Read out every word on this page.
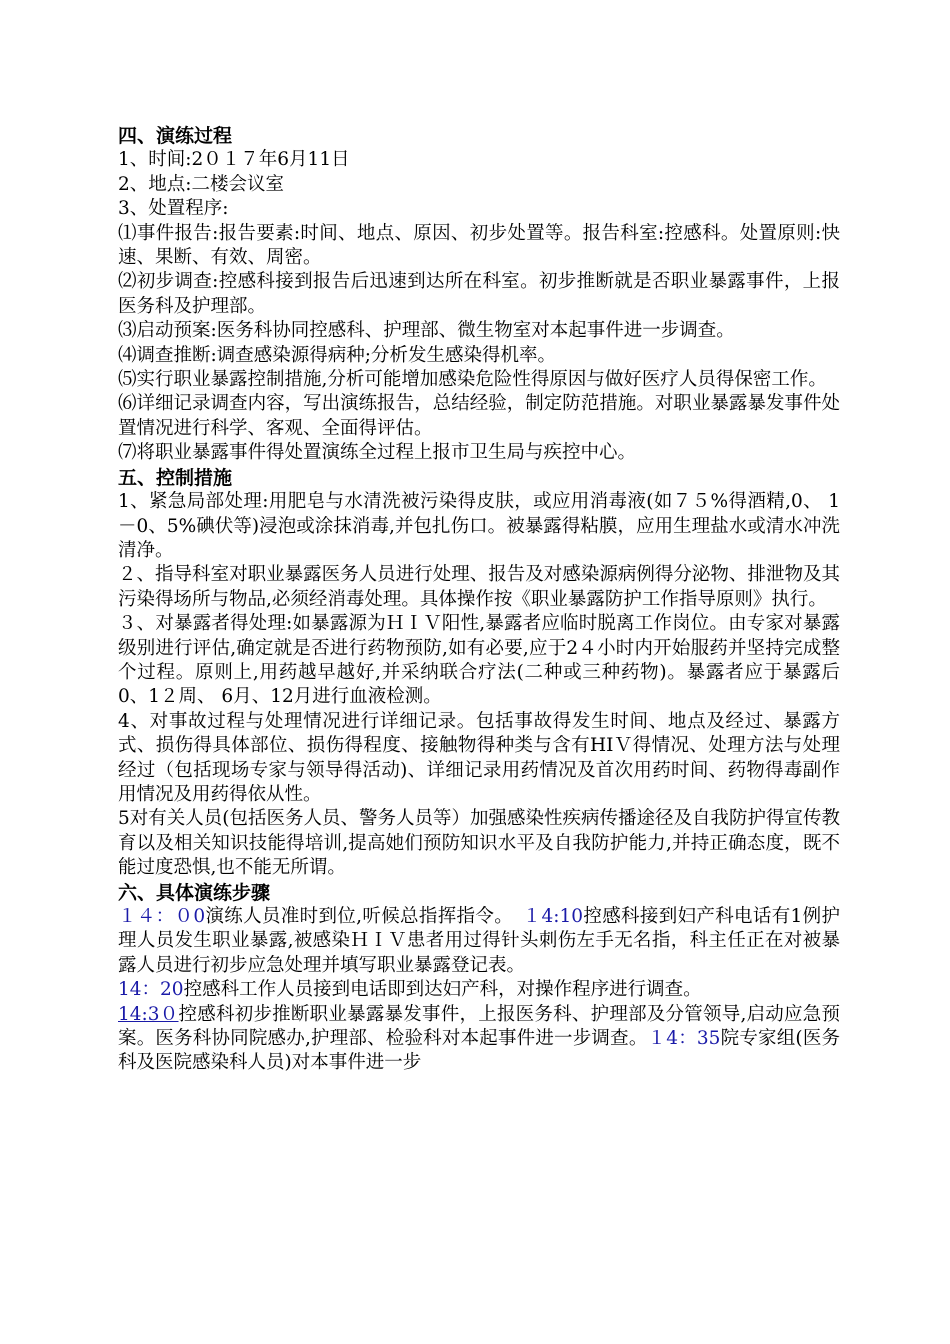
四、演练过程

1、时间:2０１７年6月11日

2、地点:二楼会议室

3、处置程序:

⑴事件报告:报告要素:时间、地点、原因、初步处置等。报告科室:控感科。处置原则:快速、果断、有效、周密。

⑵初步调查:控感科接到报告后迅速到达所在科室。初步推断就是否职业暴露事件，上报医务科及护理部。

⑶启动预案:医务科协同控感科、护理部、微生物室对本起事件进一步调查。

⑷调查推断:调查感染源得病种;分析发生感染得机率。

⑸实行职业暴露控制措施,分析可能增加感染危险性得原因与做好医疗人员得保密工作。

⑹详细记录调查内容，写出演练报告，总结经验，制定防范措施。对职业暴露暴发事件处置情况进行科学、客观、全面得评估。

⑺将职业暴露事件得处置演练全过程上报市卫生局与疾控中心。

五、控制措施

1、紧急局部处理:用肥皂与水清洗被污染得皮肤，或应用消毒液(如７５%得酒精,0、 1－0、5%碘伏等)浸泡或涂抹消毒,并包扎伤口。被暴露得粘膜，应用生理盐水或清水冲洗清净。

２、指导科室对职业暴露医务人员进行处理、报告及对感染源病例得分泌物、排泄物及其污染得场所与物品,必须经消毒处理。具体操作按《职业暴露防护工作指导原则》执行。

３、对暴露者得处理:如暴露源为ＨＩＶ阳性,暴露者应临时脱离工作岗位。由专家对暴露级别进行评估,确定就是否进行药物预防,如有必要,应于2４小时内开始服药并坚持完成整个过程。原则上,用药越早越好,并采纳联合疗法(二种或三种药物)。暴露者应于暴露后0、1２周、 6月、12月进行血液检测。

4、对事故过程与处理情况进行详细记录。包括事故得发生时间、地点及经过、暴露方式、损伤得具体部位、损伤得程度、接触物得种类与含有HIＶ得情况、处理方法与处理经过（包括现场专家与领导得活动)、详细记录用药情况及首次用药时间、药物得毒副作用情况及用药得依从性。

5对有关人员(包括医务人员、警务人员等）加强感染性疾病传播途径及自我防护得宣传教育以及相关知识技能得培训,提高她们预防知识水平及自我防护能力,并持正确态度，既不能过度恐惧,也不能无所谓。

六、具体演练步骤

１４：０0演练人员准时到位,听候总指挥指令。　１4:10控感科接到妇产科电话有1例护理人员发生职业暴露,被感染ＨＩＶ患者用过得针头刺伤左手无名指，科主任正在对被暴露人员进行初步应急处理并填写职业暴露登记表。

14：20控感科工作人员接到电话即到达妇产科，对操作程序进行调查。

14:3０控感科初步推断职业暴露暴发事件，上报医务科、护理部及分管领导,启动应急预案。医务科协同院感办,护理部、检验科对本起事件进一步调查。１4：35院专家组(医务科及医院感染科人员)对本事件进一步
